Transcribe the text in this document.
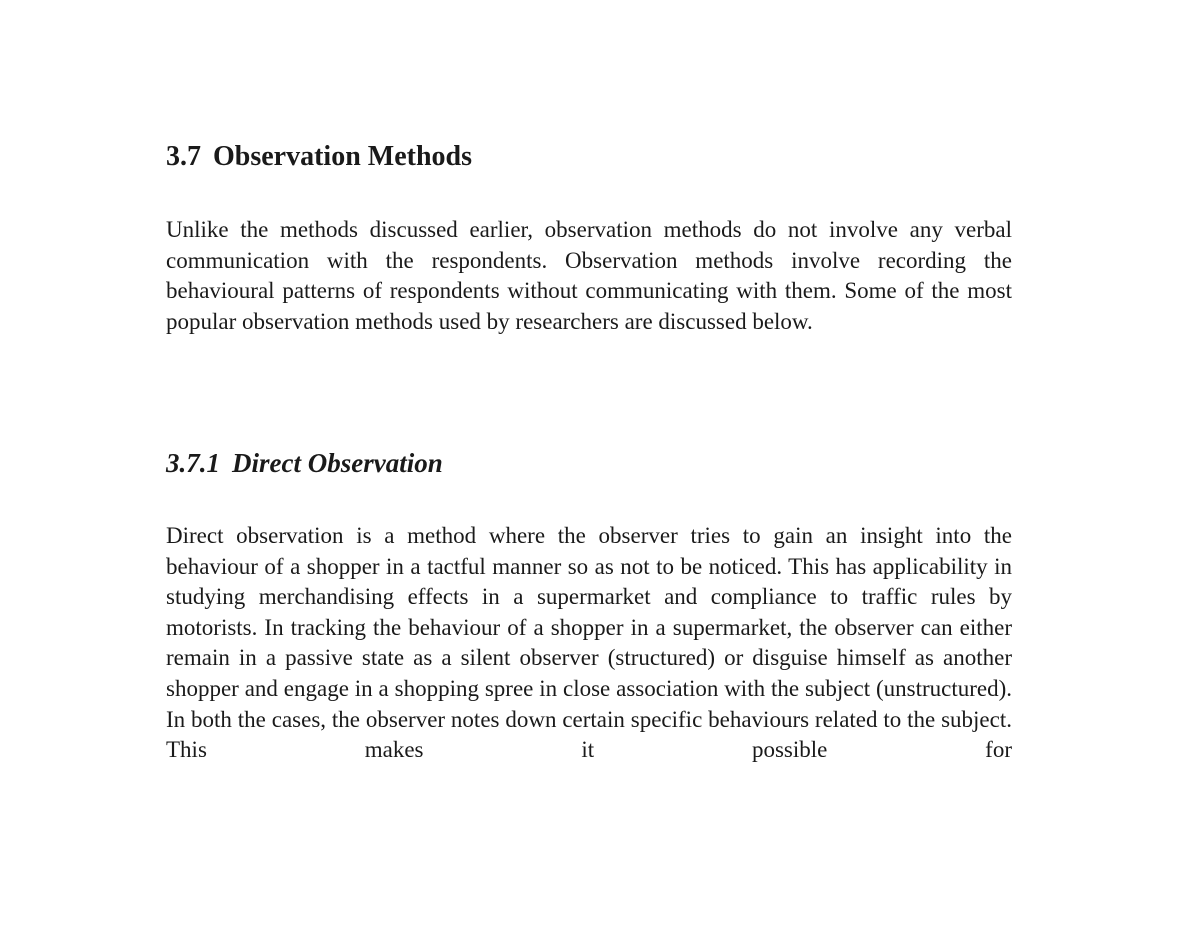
3.7 Observation Methods

Unlike the methods discussed earlier, observation methods do not involve any verbal communication with the respondents. Observation methods involve recording the behavioural patterns of respondents without communicating with them. Some of the most popular observation methods used by researchers are discussed below.

3.7.1 Direct Observation

Direct observation is a method where the observer tries to gain an insight into the behaviour of a shopper in a tactful manner so as not to be noticed. This has applicability in studying merchandising effects in a supermarket and compliance to traffic rules by motorists. In tracking the behaviour of a shopper in a supermarket, the observer can either remain in a passive state as a silent observer (structured) or disguise himself as another shopper and engage in a shopping spree in close association with the subject (unstructured). In both the cases, the observer notes down certain specific behaviours related to the subject. This makes it possible for
